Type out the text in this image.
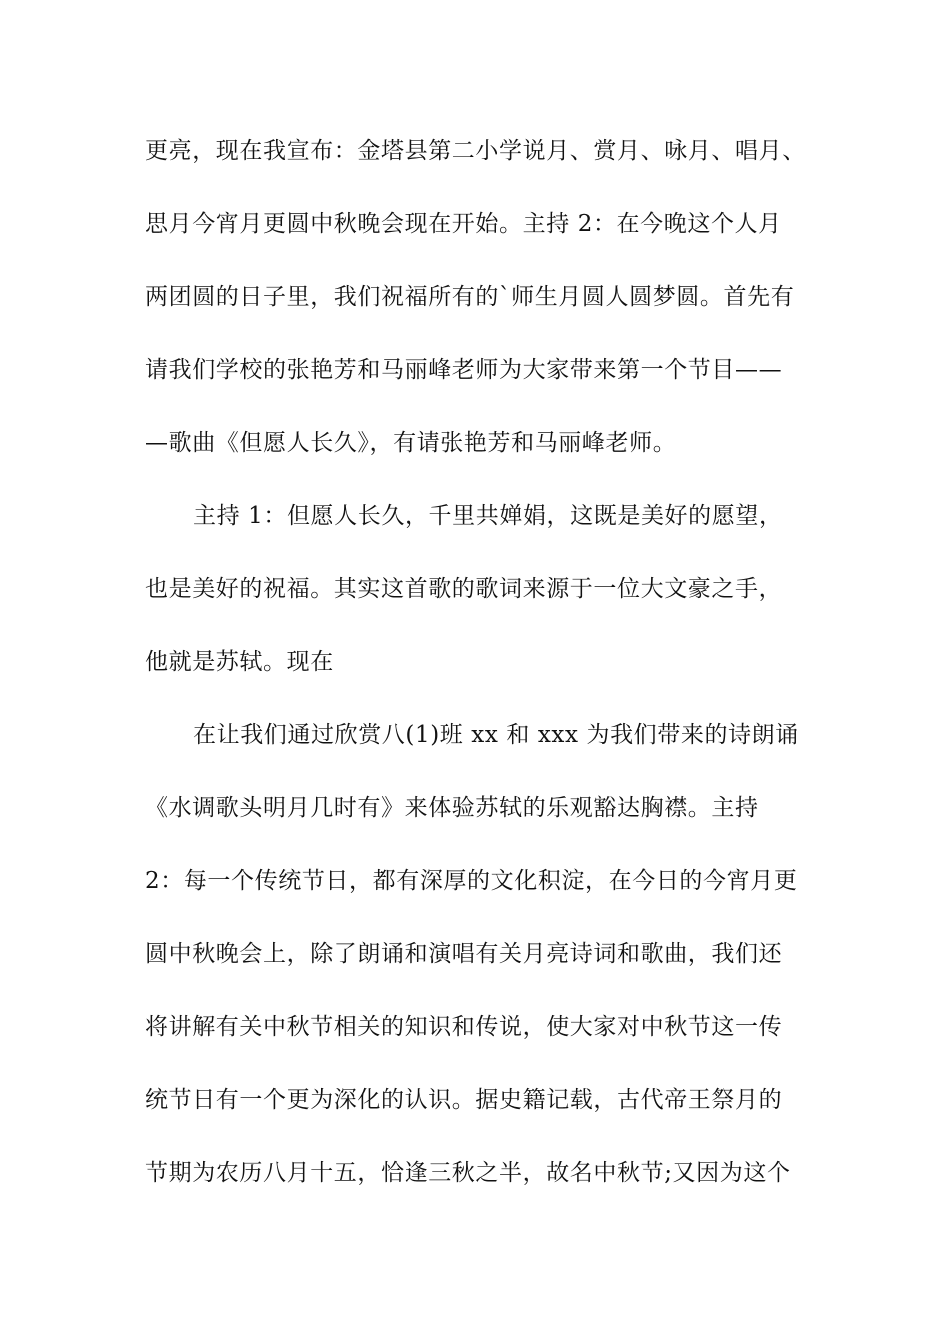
更亮，现在我宣布：金塔县第二小学说月、赏月、咏月、唱月、
思月今宵月更圆中秋晚会现在开始。主持 2：在今晚这个人月
两团圆的日子里，我们祝福所有的`师生月圆人圆梦圆。首先有
请我们学校的张艳芳和马丽峰老师为大家带来第一个节目——
—歌曲《但愿人长久》，有请张艳芳和马丽峰老师。
主持 1：但愿人长久，千里共婵娟，这既是美好的愿望，
也是美好的祝福。其实这首歌的歌词来源于一位大文豪之手，
他就是苏轼。现在
在让我们通过欣赏八(1)班 xx 和 xxx 为我们带来的诗朗诵
《水调歌头明月几时有》来体验苏轼的乐观豁达胸襟。主持
2：每一个传统节日，都有深厚的文化积淀，在今日的今宵月更
圆中秋晚会上，除了朗诵和演唱有关月亮诗词和歌曲，我们还
将讲解有关中秋节相关的知识和传说，使大家对中秋节这一传
统节日有一个更为深化的认识。据史籍记载，古代帝王祭月的
节期为农历八月十五，恰逢三秋之半，故名中秋节;又因为这个
